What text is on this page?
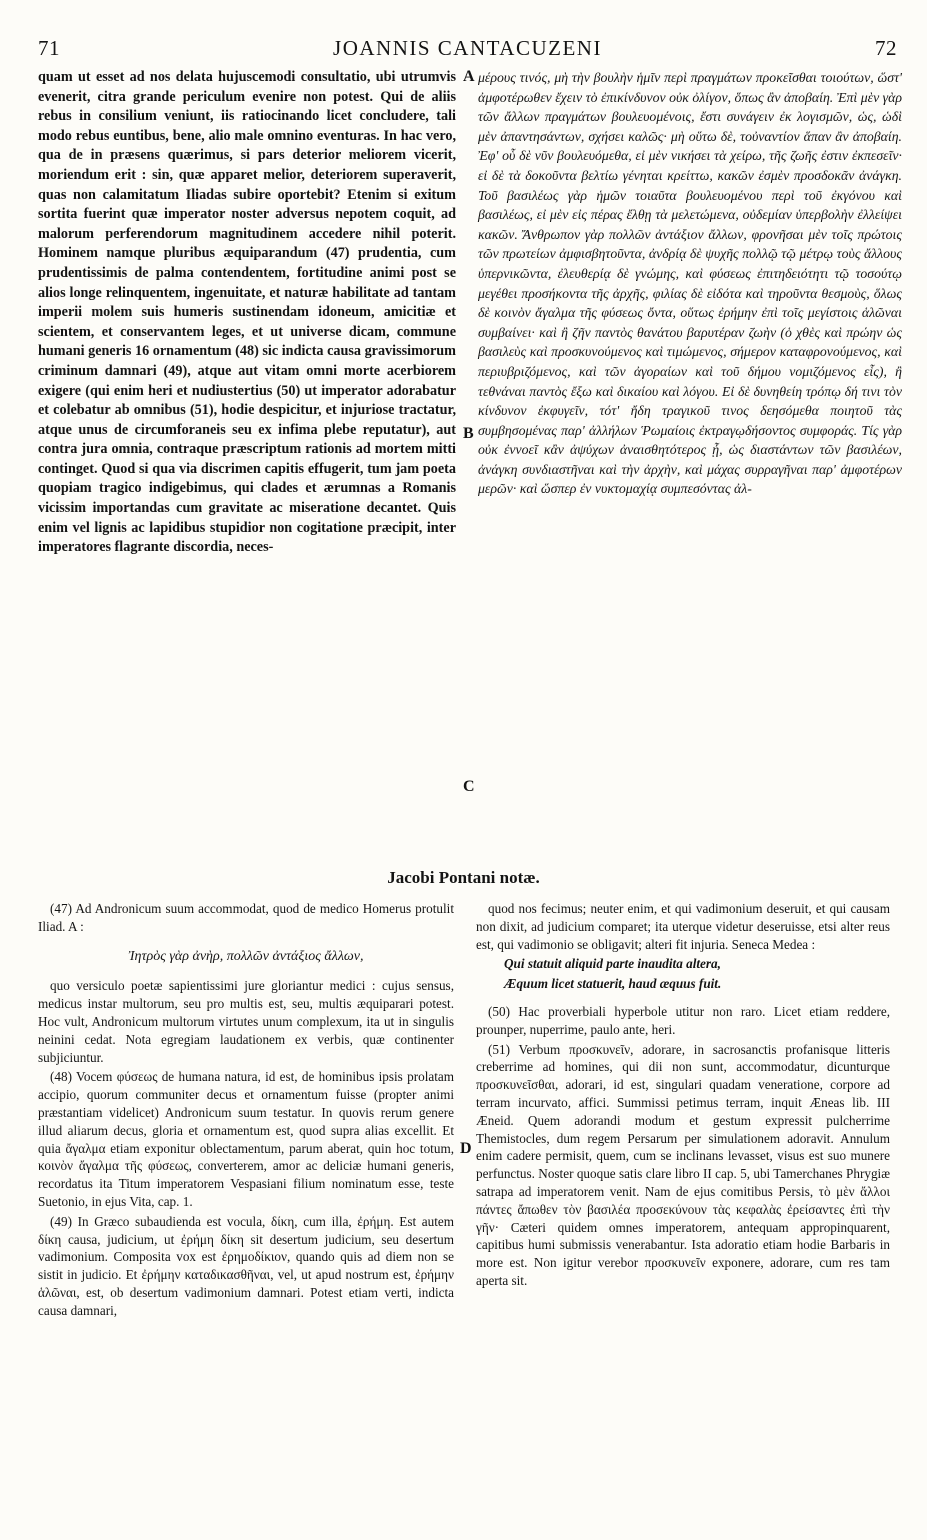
71	JOANNIS CANTACUZENI	72

quam ut esset ad nos delata hujuscemodi consultatio, ubi utrumvis evenerit, citra grande periculum evenire non potest. Qui de aliis rebus in consilium veniunt, iis ratiocinando licet concludere, tali modo rebus euntibus, bene, alio male omnino eventuras. In hac vero, qua de in præsens quærimus, si pars deterior meliorem vicerit, moriendum erit : sin, quæ apparet melior, deteriorem superaverit, quas non calamitatum Iliadas subire oportebit? Etenim si exitum sortita fuerint quæ imperator noster adversus nepotem coquit, ad malorum perferendorum magnitudinem accedere nihil poterit. Hominem namque pluribus æquiparandum (47) prudentia, cum prudentissimis de palma contendentem, fortitudine animi post se alios longe relinquentem, ingenuitate, et naturæ habilitate ad tantam imperii molem suis humeris sustinendam idoneum, amicitiæ et scientem, et conservantem leges, et ut universe dicam, commune humani generis 16 ornamentum (48) sic indicta causa gravissimorum criminum damnari (49), atque aut vitam omni morte acerbiorem exigere (qui enim heri et nudiustertius (50) ut imperator adorabatur et colebatur ab omnibus (51), hodie despicitur, et injuriose tractatur, atque unus de circumforaneis seu ex infima plebe reputatur), aut contra jura omnia, contraque præscriptum rationis ad mortem mitti continget. Quod si qua via discrimen capitis effugerit, tum jam poeta quopiam tragico indigebimus, qui clades et ærumnas a Romanis vicissim importandas cum gravitate ac miseratione decantet. Quis enim vel lignis ac lapidibus stupidior non cogitatione præcipit, inter imperatores flagrante discordia, neces-

A
B
C
D

μέρους τινός, μὴ τὴν βουλὴν ἡμῖν περὶ πραγμάτων προκεῖσθαι τοιούτων, ὥστ' ἀμφοτέρωθεν ἔχειν τὸ ἐπικίνδυνον οὐκ ὀλίγον, ὅπως ἂν ἀποβαίη. Ἐπὶ μὲν γὰρ τῶν ἄλλων πραγμάτων βουλευομένοις, ἔστι συνάγειν ἐκ λογισμῶν, ὡς, ὡδὶ μὲν ἀπαντησάντων, σχήσει καλῶς· μὴ οὕτω δὲ, τοὐναντίον ἅπαν ἂν ἀποβαίη. Ἐφ' οὗ δὲ νῦν βουλευόμεθα, εἰ μὲν νικήσει τὰ χείρω, τῆς ζωῆς ἐστιν ἐκπεσεῖν· εἰ δὲ τὰ δοκοῦντα βελτίω γένηται κρείττω, κακῶν ἐσμὲν προσδοκᾶν ἀνάγκη. Τοῦ βασιλέως γὰρ ἡμῶν τοιαῦτα βουλευομένου περὶ τοῦ ἐκγόνου καὶ βασιλέως, εἰ μὲν εἰς πέρας ἔλθῃ τὰ μελετώμενα, οὐδεμίαν ὑπερβολὴν ἐλλείψει κακῶν. Ἄνθρωπον γὰρ πολλῶν ἀντάξιον ἄλλων, φρονῆσαι μὲν τοῖς πρώτοις τῶν πρωτείων ἀμφισβητοῦντα, ἀνδρίᾳ δὲ ψυχῆς πολλῷ τῷ μέτρῳ τοὺς ἄλλους ὑπερνικῶντα, ἐλευθερίᾳ δὲ γνώμης, καὶ φύσεως ἐπιτηδειότητι τῷ τοσούτῳ μεγέθει προσήκοντα τῆς ἀρχῆς, φιλίας δὲ εἰδότα καὶ τηροῦντα θεσμοὺς, ὅλως δὲ κοινὸν ἄγαλμα τῆς φύσεως ὄντα, οὕτως ἐρήμην ἐπὶ τοῖς μεγίστοις ἁλῶναι συμβαίνει· καὶ ἢ ζῆν παντὸς θανάτου βαρυτέραν ζωὴν (ὁ χθὲς καὶ πρώην ὡς βασιλεὺς καὶ προσκυνούμενος καὶ τιμώμενος, σήμερον καταφρονούμενος, καὶ περιυβριζόμενος, καὶ τῶν ἀγοραίων καὶ τοῦ δήμου νομιζόμενος εἷς), ἢ τεθνάναι παντὸς ἔξω καὶ δικαίου καὶ λόγου. Εἰ δὲ δυνηθείη τρόπῳ δή τινι τὸν κίνδυνον ἐκφυγεῖν, τότ' ἤδη τραγικοῦ τινος δεησόμεθα ποιητοῦ τὰς συμβησομένας παρ' ἀλλήλων Ῥωμαίοις ἐκτραγῳδήσοντος συμφοράς. Τίς γὰρ οὐκ ἐννοεῖ κἂν ἀψύχων ἀναισθητότερος ᾖ, ὡς διαστάντων τῶν βασιλέων, ἀνάγκη συνδιαστῆναι καὶ τὴν ἀρχὴν, καὶ μάχας συρραγῆναι παρ' ἀμφοτέρων μερῶν· καὶ ὥσπερ ἐν νυκτομαχίᾳ συμπεσόντας ἀλ-

Jacobi Pontani notæ.

(47) Ad Andronicum suum accommodat, quod de medico Homerus protulit Iliad. A :

Ἰητρὸς γὰρ ἀνὴρ, πολλῶν ἀντάξιος ἄλλων,

quo versiculo poetæ sapientissimi jure gloriantur medici : cujus sensus, medicus instar multorum, seu pro multis est, seu, multis æquiparari potest. Hoc vult, Andronicum multorum virtutes unum complexum, ita ut in singulis neinini cedat. Nota egregiam laudationem ex verbis, quæ continenter subjiciuntur.

(48) Vocem φύσεως de humana natura, id est, de hominibus ipsis prolatam accipio, quorum communiter decus et ornamentum fuisse (propter animi præstantiam videlicet) Andronicum suum testatur. In quovis rerum genere illud aliarum decus, gloria et ornamentum est, quod supra alias excellit. Et quia ἄγαλμα etiam exponitur oblectamentum, parum aberat, quin hoc totum, κοινὸν ἄγαλμα τῆς φύσεως, converterem, amor ac deliciæ humani generis, recordatus ita Titum imperatorem Vespasiani filium nominatum esse, teste Suetonio, in ejus Vita, cap. 1.

(49) In Græco subaudienda est vocula, δίκη, cum illa, ἐρήμη. Est autem δίκη causa, judicium, ut ἐρήμη δίκη sit desertum judicium, seu desertum vadimonium. Composita vox est ἐρημοδίκιον, quando quis ad diem non se sistit in judicio. Et ἐρήμην καταδικασθῆναι, vel, ut apud nostrum est, ἐρήμην ἁλῶναι, est, ob desertum vadimonium damnari. Potest etiam verti, indicta causa damnari,

quod nos fecimus; neuter enim, et qui vadimonium deseruit, et qui causam non dixit, ad judicium comparet; ita uterque videtur deseruisse, etsi alter reus est, qui vadimonio se obligavit; alteri fit injuria. Seneca Medea :

Qui statuit aliquid parte inaudita altera,

Æquum licet statuerit, haud æquus fuit.

(50) Hac proverbiali hyperbole utitur non raro. Licet etiam reddere, prounper, nuperrime, paulo ante, heri.

(51) Verbum προσκυνεῖν, adorare, in sacrosanctis profanisque litteris creberrime ad homines, qui dii non sunt, accommodatur, dicunturque προσκυνεῖσθαι, adorari, id est, singulari quadam veneratione, corpore ad terram incurvato, affici. Summissi petimus terram, inquit Æneas lib. III Æneid. Quem adorandi modum et gestum expressit pulcherrime Themistocles, dum regem Persarum per simulationem adoravit. Annulum enim cadere permisit, quem, cum se inclinans levasset, visus est suo munere perfunctus. Noster quoque satis clare libro II cap. 5, ubi Tamerchanes Phrygiæ satrapa ad imperatorem venit. Nam de ejus comitibus Persis, τὸ μὲν ἄλλοι πάντες ἄπωθεν τὸν βασιλέα προσεκύνουν τὰς κεφαλὰς ἐρείσαντες ἐπὶ τὴν γῆν· Cæteri quidem omnes imperatorem, antequam appropinquarent, capitibus humi submissis venerabantur. Ista adoratio etiam hodie Barbaris in more est. Non igitur verebor προσκυνεῖν exponere, adorare, cum res tam aperta sit.
